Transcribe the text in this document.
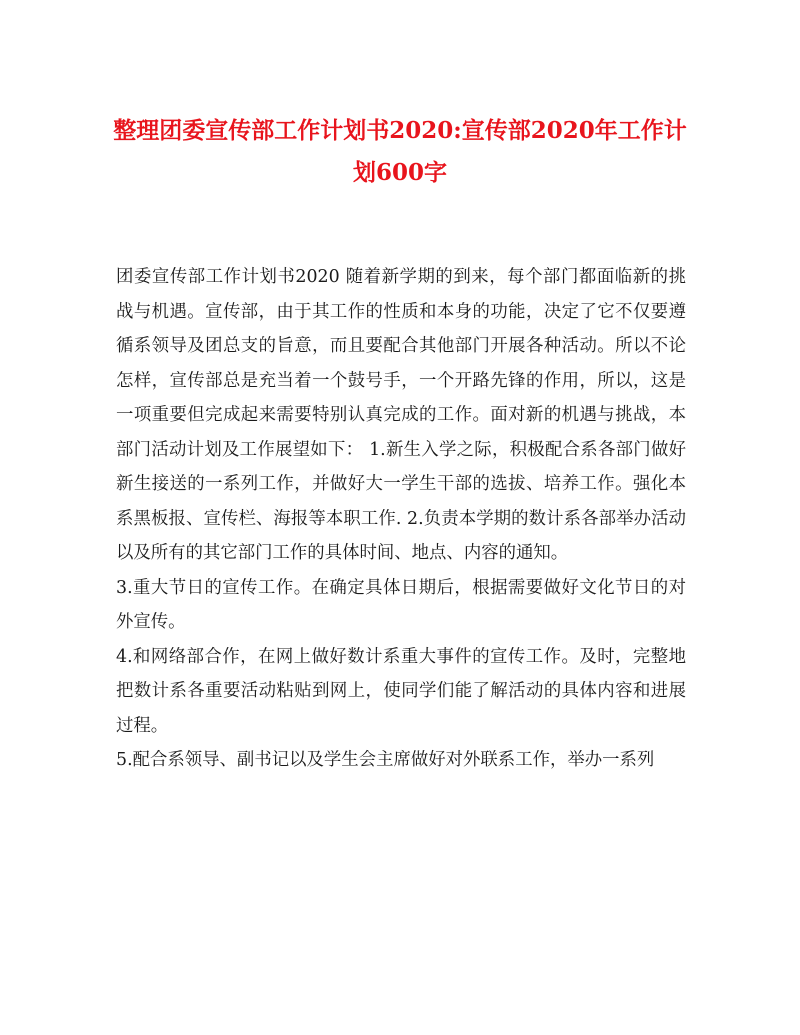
整理团委宣传部工作计划书2020:宣传部2020年工作计划600字

团委宣传部工作计划书2020 随着新学期的到来，每个部门都面临新的挑战与机遇。宣传部，由于其工作的性质和本身的功能，决定了它不仅要遵循系领导及团总支的旨意，而且要配合其他部门开展各种活动。所以不论怎样，宣传部总是充当着一个鼓号手，一个开路先锋的作用，所以，这是一项重要但完成起来需要特别认真完成的工作。面对新的机遇与挑战，本部门活动计划及工作展望如下： 1.新生入学之际，积极配合系各部门做好新生接送的一系列工作，并做好大一学生干部的选拔、培养工作。强化本系黑板报、宣传栏、海报等本职工作. 2.负责本学期的数计系各部举办活动以及所有的其它部门工作的具体时间、地点、内容的通知。

3.重大节日的宣传工作。在确定具体日期后，根据需要做好文化节日的对外宣传。

4.和网络部合作，在网上做好数计系重大事件的宣传工作。及时，完整地把数计系各重要活动粘贴到网上，使同学们能了解活动的具体内容和进展过程。

5.配合系领导、副书记以及学生会主席做好对外联系工作，举办一系列
